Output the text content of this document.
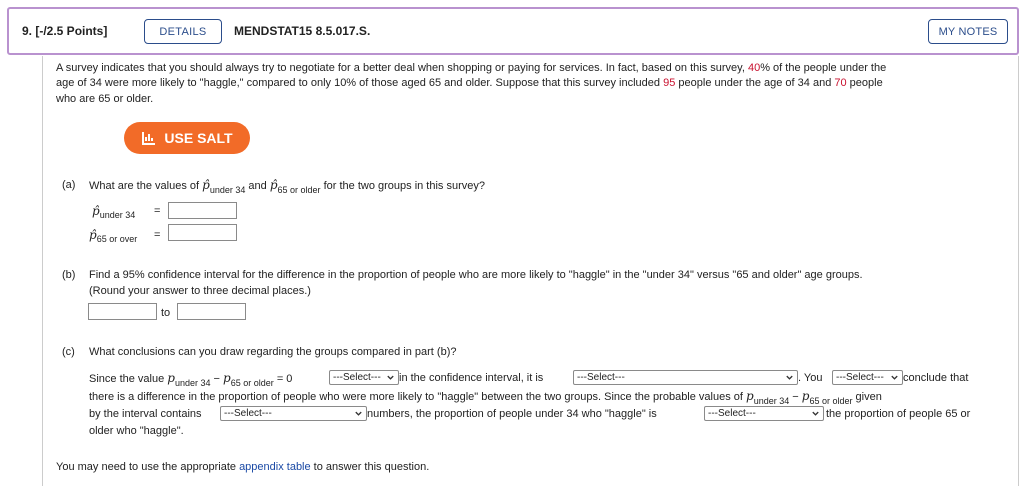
9. [-/2.5 Points]	DETAILS	MENDSTAT15 8.5.017.S.	MY NOTES
A survey indicates that you should always try to negotiate for a better deal when shopping or paying for services. In fact, based on this survey, 40% of the people under the
age of 34 were more likely to "haggle," compared to only 10% of those aged 65 and older. Suppose that this survey included 95 people under the age of 34 and 70 people
who are 65 or older.
USE SALT
(a) What are the values of $p̂_{under 34}$ and $p̂_{65 or older}$ for the two groups in this survey?
$p̂_{under 34}$ =
$p̂_{65 or over}$ =
(b) Find a 95% confidence interval for the difference in the proportion of people who are more likely to "haggle" in the "under 34" versus "65 and older" age groups.
(Round your answer to three decimal places.)
to
(c) What conclusions can you draw regarding the groups compared in part (b)?
Since the value $p_{under 34} - p_{65 or older} = 0$	---Select---	in the confidence interval, it is	---Select---	. You	---Select---	conclude that
there is a difference in the proportion of people who were more likely to "haggle" between the two groups. Since the probable values of $p_{under 34} - p_{65 or older}$ given
by the interval contains	---Select---	numbers, the proportion of people under 34 who "haggle" is	---Select---	the proportion of people 65 or
older who "haggle".
You may need to use the appropriate appendix table to answer this question.
